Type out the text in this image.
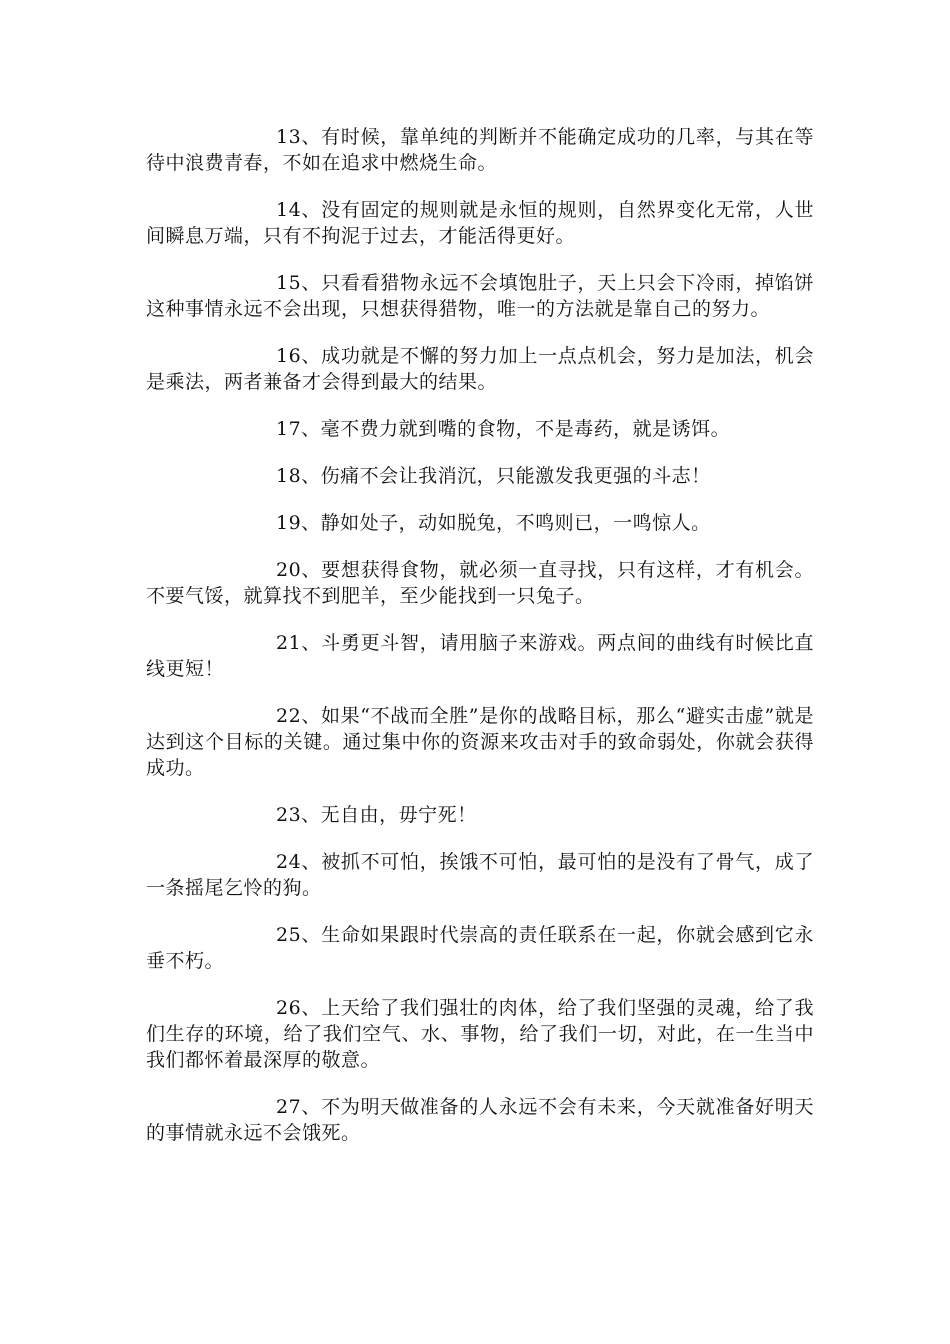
13、有时候，靠单纯的判断并不能确定成功的几率，与其在等待中浪费青春，不如在追求中燃烧生命。

14、没有固定的规则就是永恒的规则，自然界变化无常，人世间瞬息万端，只有不拘泥于过去，才能活得更好。

15、只看看猎物永远不会填饱肚子，天上只会下冷雨，掉馅饼这种事情永远不会出现，只想获得猎物，唯一的方法就是靠自己的努力。

16、成功就是不懈的努力加上一点点机会，努力是加法，机会是乘法，两者兼备才会得到最大的结果。

17、毫不费力就到嘴的食物，不是毒药，就是诱饵。

18、伤痛不会让我消沉，只能激发我更强的斗志！

19、静如处子，动如脱兔，不鸣则已，一鸣惊人。

20、要想获得食物，就必须一直寻找，只有这样，才有机会。不要气馁，就算找不到肥羊，至少能找到一只兔子。

21、斗勇更斗智，请用脑子来游戏。两点间的曲线有时候比直线更短！

22、如果“不战而全胜”是你的战略目标，那么“避实击虚”就是达到这个目标的关键。通过集中你的资源来攻击对手的致命弱处，你就会获得成功。

23、无自由，毋宁死！

24、被抓不可怕，挨饿不可怕，最可怕的是没有了骨气，成了一条摇尾乞怜的狗。

25、生命如果跟时代崇高的责任联系在一起，你就会感到它永垂不朽。

26、上天给了我们强壮的肉体，给了我们坚强的灵魂，给了我们生存的环境，给了我们空气、水、事物，给了我们一切，对此，在一生当中我们都怀着最深厚的敬意。

27、不为明天做准备的人永远不会有未来，今天就准备好明天的事情就永远不会饿死。
